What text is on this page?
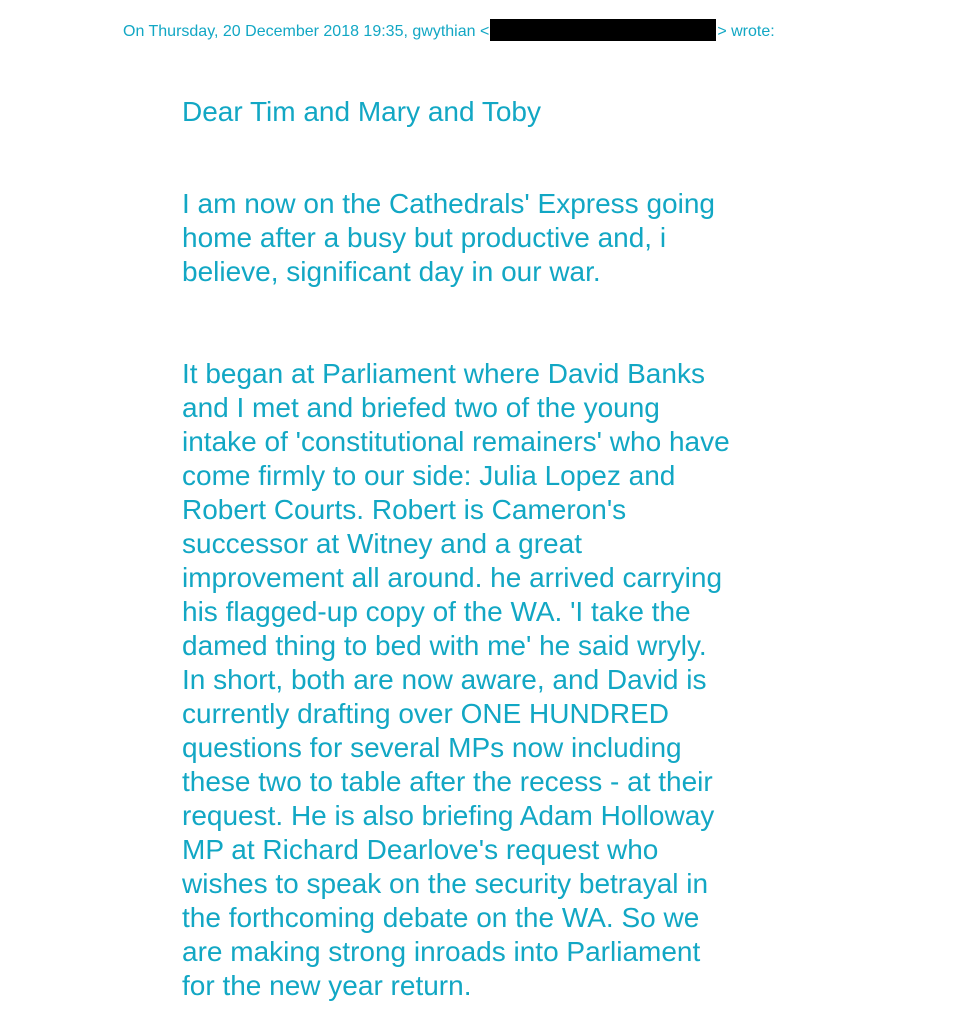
On Thursday, 20 December 2018 19:35, gwythian <	> wrote:

Dear Tim and Mary and Toby

I am now on the Cathedrals' Express going
home after a busy but productive and, i
believe, significant day in our war.

It began at Parliament where David Banks
and I met and briefed two of the young
intake of 'constitutional remainers' who have
come firmly to our side: Julia Lopez and
Robert Courts. Robert is Cameron's
successor at Witney and a great
improvement all around. he arrived carrying
his flagged-up copy of the WA. 'I take the
damed thing to bed with me' he said wryly.
In short, both are now aware, and David is
currently drafting over ONE HUNDRED
questions for several MPs now including
these two to table after the recess - at their
request. He is also briefing Adam Holloway
MP at Richard Dearlove's request who
wishes to speak on the security betrayal in
the forthcoming debate on the WA. So we
are making strong inroads into Parliament
for the new year return.
